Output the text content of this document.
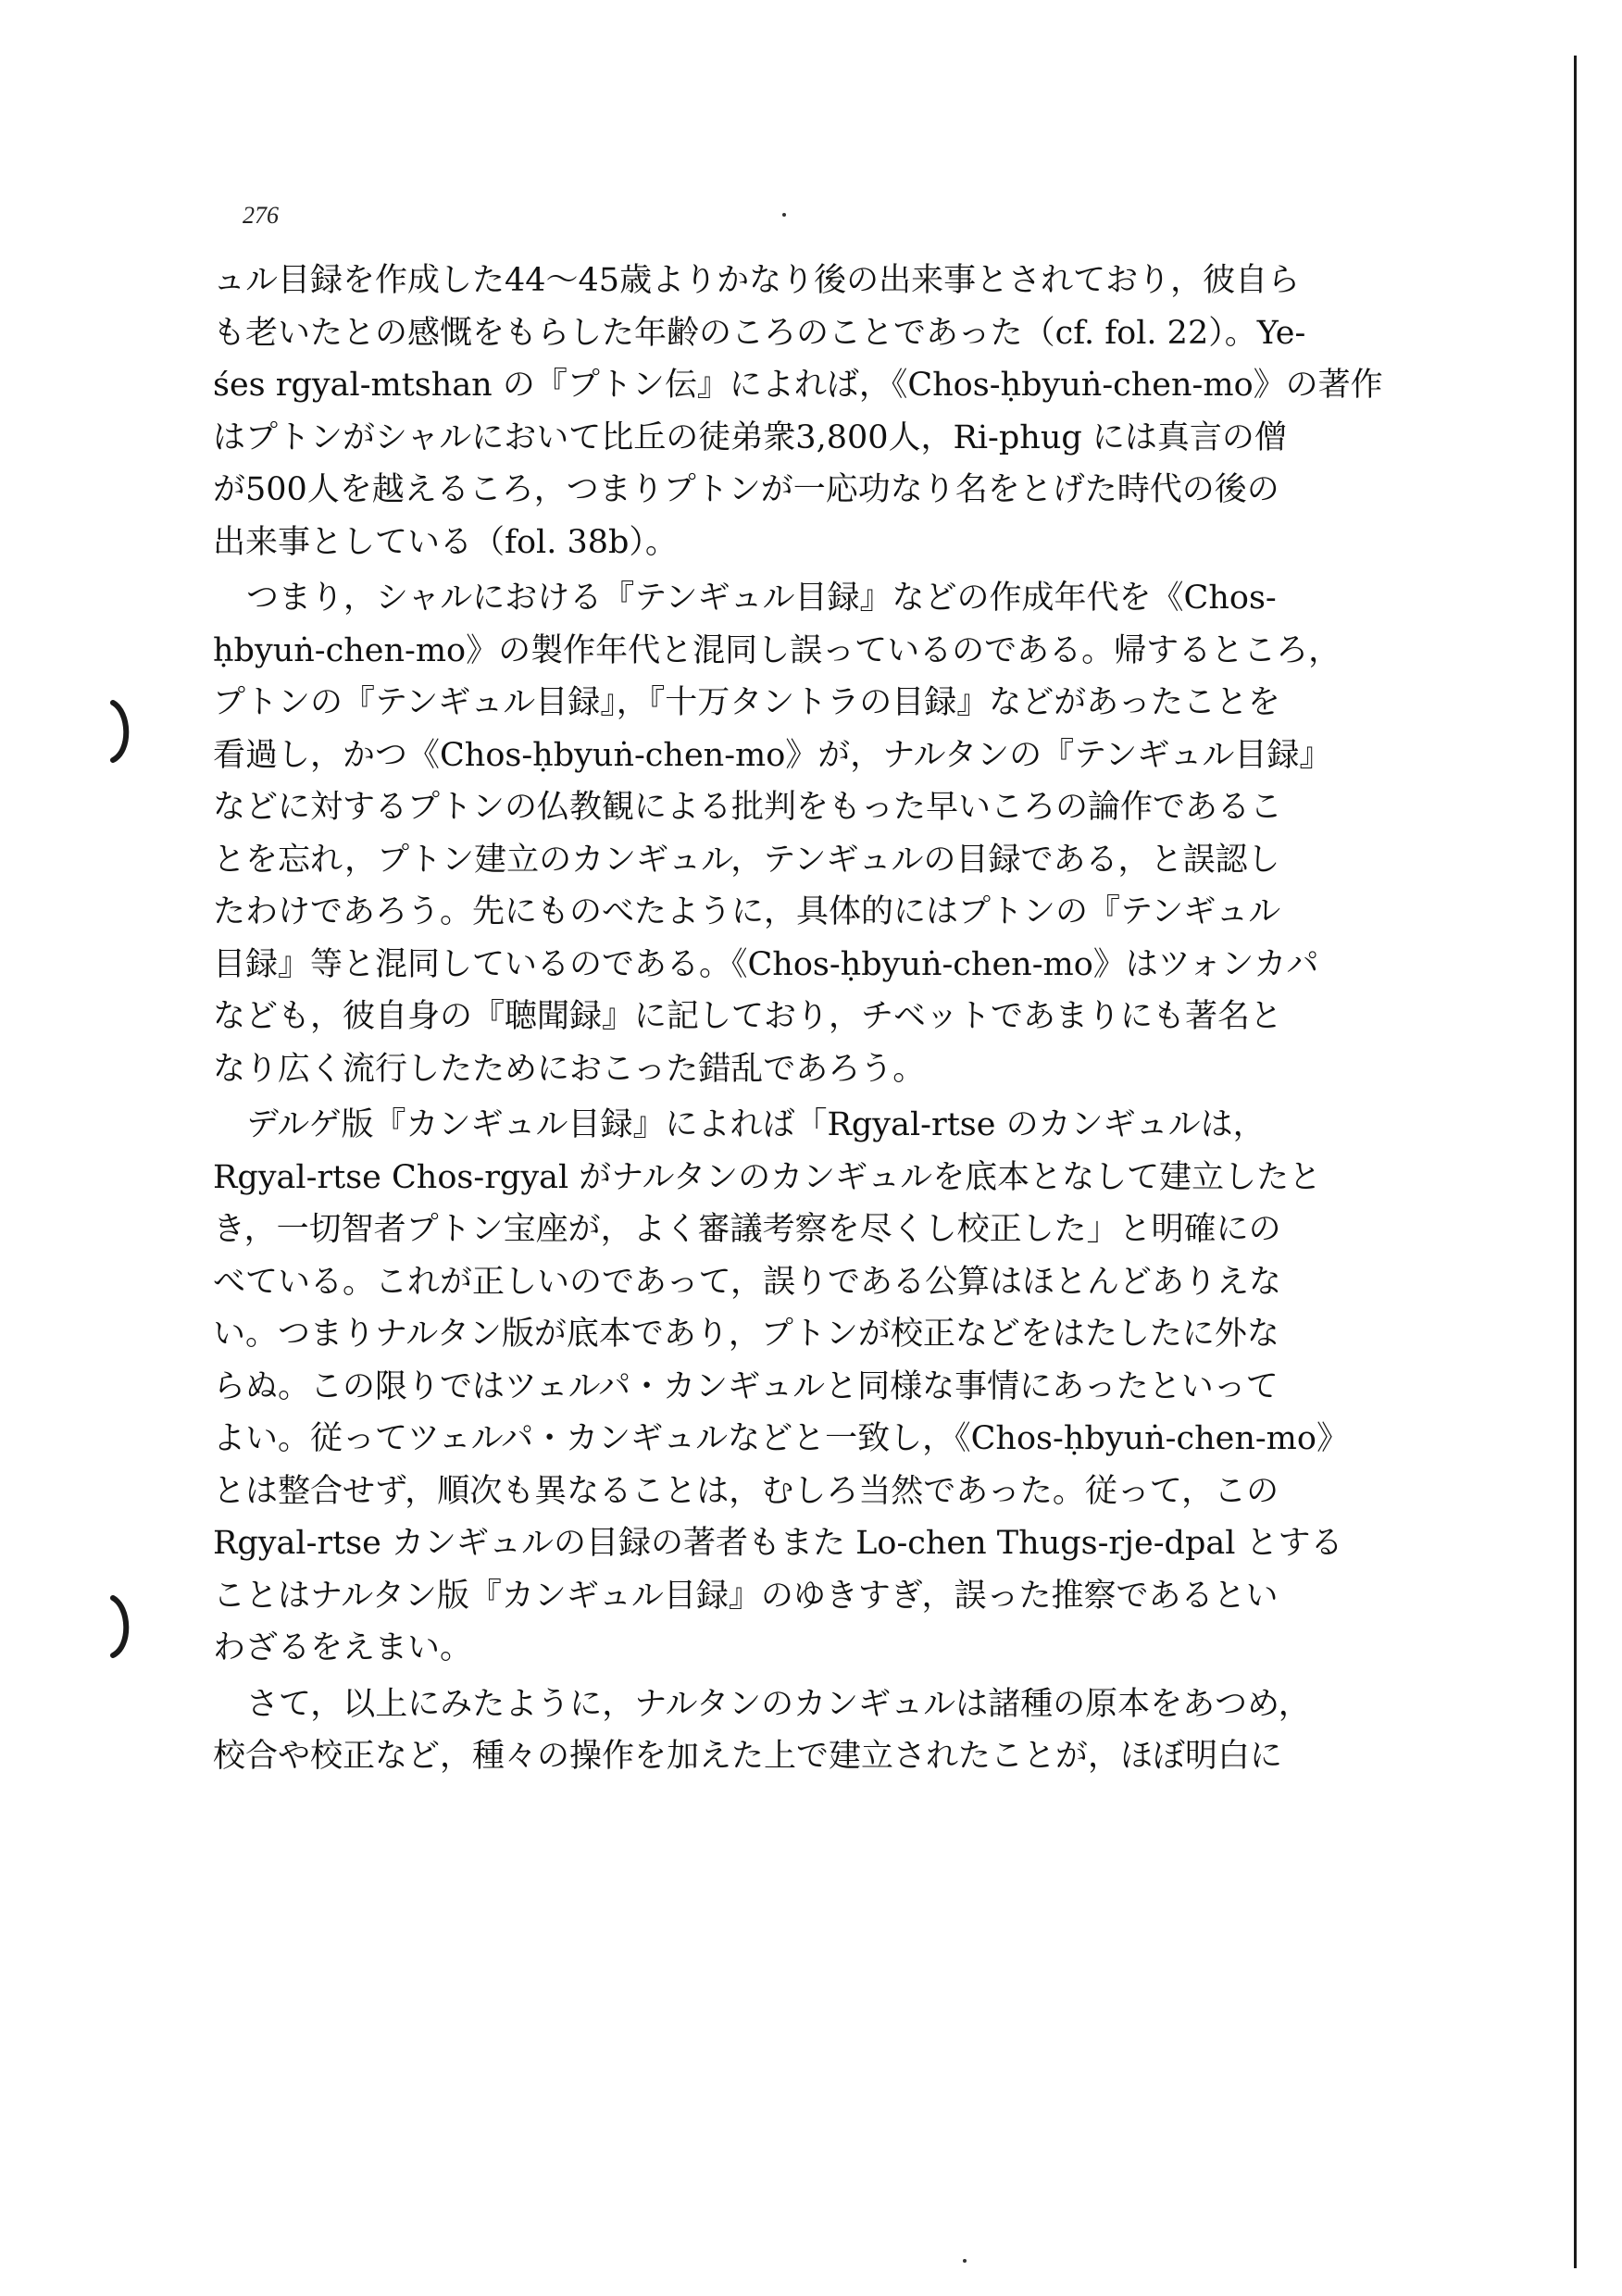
276
ュル目録を作成した44〜45歳よりかなり後の出来事とされており，彼自ら
も老いたとの感慨をもらした年齢のころのことであった（cf. fol. 22）。Ye-
śes rgyal-mtshan の『プトン伝』によれば，《Chos-ḥbyuṅ-chen-mo》の著作
はプトンがシャルにおいて比丘の徒弟衆3,800人，Ri-phug には真言の僧
が500人を越えるころ，つまりプトンが一応功なり名をとげた時代の後の
出来事としている（fol. 38b）。
つまり，シャルにおける『テンギュル目録』などの作成年代を《Chos-
ḥbyuṅ-chen-mo》の製作年代と混同し誤っているのである。帰するところ，
プトンの『テンギュル目録』，『十万タントラの目録』などがあったことを
看過し，かつ《Chos-ḥbyuṅ-chen-mo》が，ナルタンの『テンギュル目録』
などに対するプトンの仏教観による批判をもった早いころの論作であるこ
とを忘れ，プトン建立のカンギュル，テンギュルの目録である，と誤認し
たわけであろう。先にものべたように，具体的にはプトンの『テンギュル
目録』等と混同しているのである。《Chos-ḥbyuṅ-chen-mo》はツォンカパ
なども，彼自身の『聴聞録』に記しており，チベットであまりにも著名と
なり広く流行したためにおこった錯乱であろう。
デルゲ版『カンギュル目録』によれば「Rgyal-rtse のカンギュルは，
Rgyal-rtse Chos-rgyal がナルタンのカンギュルを底本となして建立したと
き，一切智者プトン宝座が，よく審議考察を尽くし校正した」と明確にの
べている。これが正しいのであって，誤りである公算はほとんどありえな
い。つまりナルタン版が底本であり，プトンが校正などをはたしたに外な
らぬ。この限りではツェルパ・カンギュルと同様な事情にあったといって
よい。従ってツェルパ・カンギュルなどと一致し，《Chos-ḥbyuṅ-chen-mo》
とは整合せず，順次も異なることは，むしろ当然であった。従って，この
Rgyal-rtse カンギュルの目録の著者もまた Lo-chen Thugs-rje-dpal とする
ことはナルタン版『カンギュル目録』のゆきすぎ，誤った推察であるとい
わざるをえまい。
さて，以上にみたように，ナルタンのカンギュルは諸種の原本をあつめ，
校合や校正など，種々の操作を加えた上で建立されたことが，ほぼ明白に
